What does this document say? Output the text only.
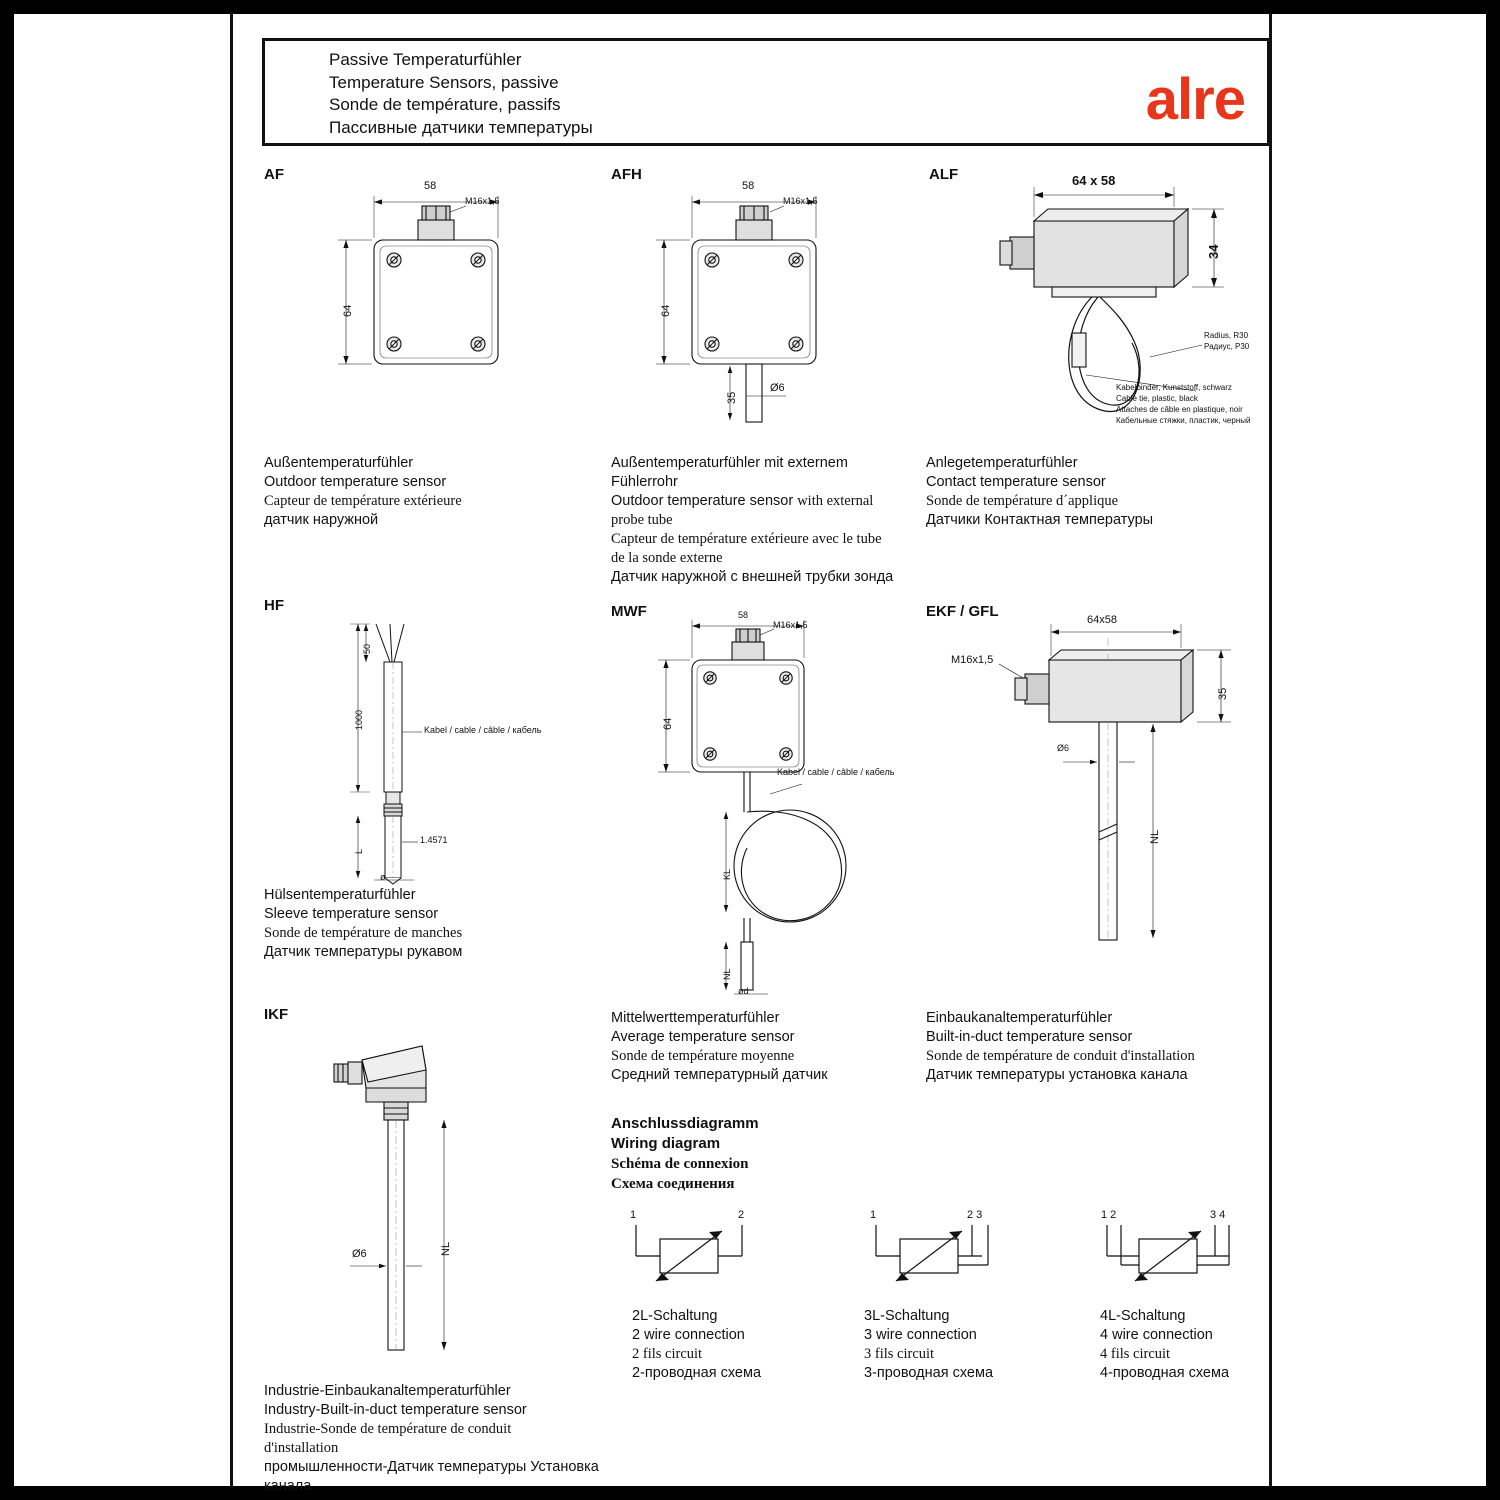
Passive Temperaturfühler
Temperature Sensors, passive
Sonde de température, passifs
Пассивные датчики температуры	alre
AF
58
64
M16x1,5
Außentemperaturfühler
Outdoor temperature sensor
Capteur de température extérieure
датчик наружной
AFH
58
64
M16x1,5
35
Ø6
Außentemperaturfühler mit externem
Fühlerrohr
Outdoor temperature sensor with external
probe tube
Capteur de température extérieure avec le tube
de la sonde externe
Датчик наружной с внешней трубки зонда
ALF	64 x 58
34
Radius, R30
Радиус, Р30
Kabelbinder, Kunststoff, schwarz
Cable tie, plastic, black
Attaches de câble en plastique, noir
Кабельные стяжки, пластик, черный
Anlegetemperaturfühler
Contact temperature sensor
Sonde de température d´applique
Датчики Контактная температуры
HF
50
1000
L
ø
Kabel / cable / câble / кабель
1.4571
Hülsentemperaturfühler
Sleeve temperature sensor
Sonde de température de manches
Датчик температуры рукавом
MWF	58
64
M16x1,5
KL
NL
ød
Kabel / cable / câble / кабель
Mittelwerttemperaturfühler
Average temperature sensor
Sonde de température moyenne
Средний температурный датчик
EKF / GFL	64x58
35
M16x1,5
Ø6
NL
Einbaukanaltemperaturfühler
Built-in-duct temperature sensor
Sonde de température de conduit d'installation
Датчик температуры установка канала
IKF
NL
Ø6
Industrie-Einbaukanaltemperaturfühler
Industry-Built-in-duct temperature sensor
Industrie-Sonde de température de conduit
d'installation
промышленности-Датчик температуры Установка
канала
Anschlussdiagramm
Wiring diagram
Schéma de connexion
Схема соединения
1	2
2L-Schaltung
2 wire connection
2 fils circuit
2-проводная схема
1	2 3
3L-Schaltung
3 wire connection
3 fils circuit
3-проводная схема
1 2	3 4
4L-Schaltung
4 wire connection
4 fils circuit
4-проводная схема
